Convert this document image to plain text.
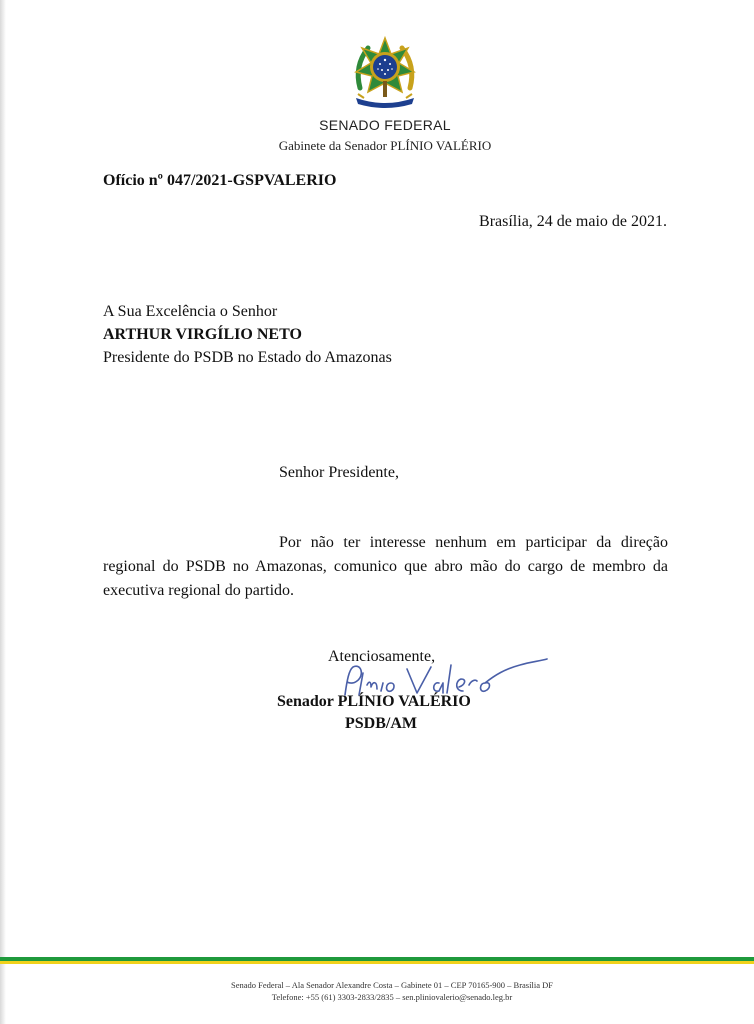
SENADO FEDERAL
Gabinete da Senador PLÍNIO VALÉRIO
Ofício nº 047/2021-GSPVALERIO
Brasília, 24 de maio de 2021.
A Sua Excelência o Senhor
ARTHUR VIRGÍLIO NETO
Presidente do PSDB no Estado do Amazonas
Senhor Presidente,
Por não ter interesse nenhum em participar da direção regional do PSDB no Amazonas, comunico que abro mão do cargo de membro da executiva regional do partido.
Atenciosamente,
Senador PLÍNIO VALÉRIO
PSDB/AM
Senado Federal – Ala Senador Alexandre Costa – Gabinete 01 – CEP 70165-900 – Brasília DF
Telefone: +55 (61) 3303-2833/2835 – sen.pliniovalerio@senado.leg.br
